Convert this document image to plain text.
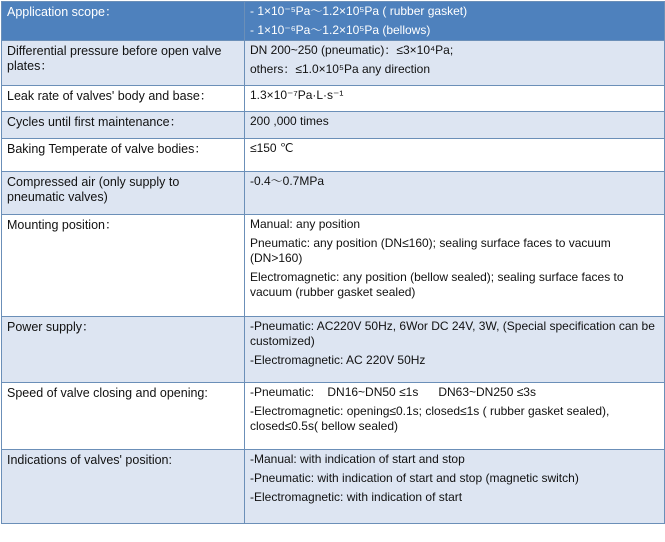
Application scope：	- 1×10⁻⁵Pa～1.2×10⁵Pa ( rubber gasket)
- 1×10⁻⁶Pa～1.2×10⁵Pa (bellows)

Differential pressure before open valve plates：	DN 200~250 (pneumatic)：≤3×10⁴Pa;
others：≤1.0×10⁵Pa any direction

Leak rate of valves' body and base：	1.3×10⁻⁷Pa·L·s⁻¹

Cycles until first maintenance：	200 ,000 times

Baking Temperate of valve bodies：	≤150 ℃

Compressed air (only supply to pneumatic valves)	-0.4～0.7MPa

Mounting position：	Manual: any position
Pneumatic: any position (DN≤160); sealing surface faces to vacuum (DN>160)
Electromagnetic: any position (bellow sealed); sealing surface faces to vacuum (rubber gasket sealed)

Power supply：	-Pneumatic: AC220V 50Hz, 6Wor DC 24V, 3W, (Special specification can be customized)
-Electromagnetic: AC 220V 50Hz

Speed of valve closing and opening:	-Pneumatic:    DN16~DN50 ≤1s      DN63~DN250 ≤3s
-Electromagnetic: opening≤0.1s; closed≤1s ( rubber gasket sealed), closed≤0.5s( bellow sealed)

Indications of valves' position:	-Manual: with indication of start and stop
-Pneumatic: with indication of start and stop (magnetic switch)
-Electromagnetic: with indication of start
